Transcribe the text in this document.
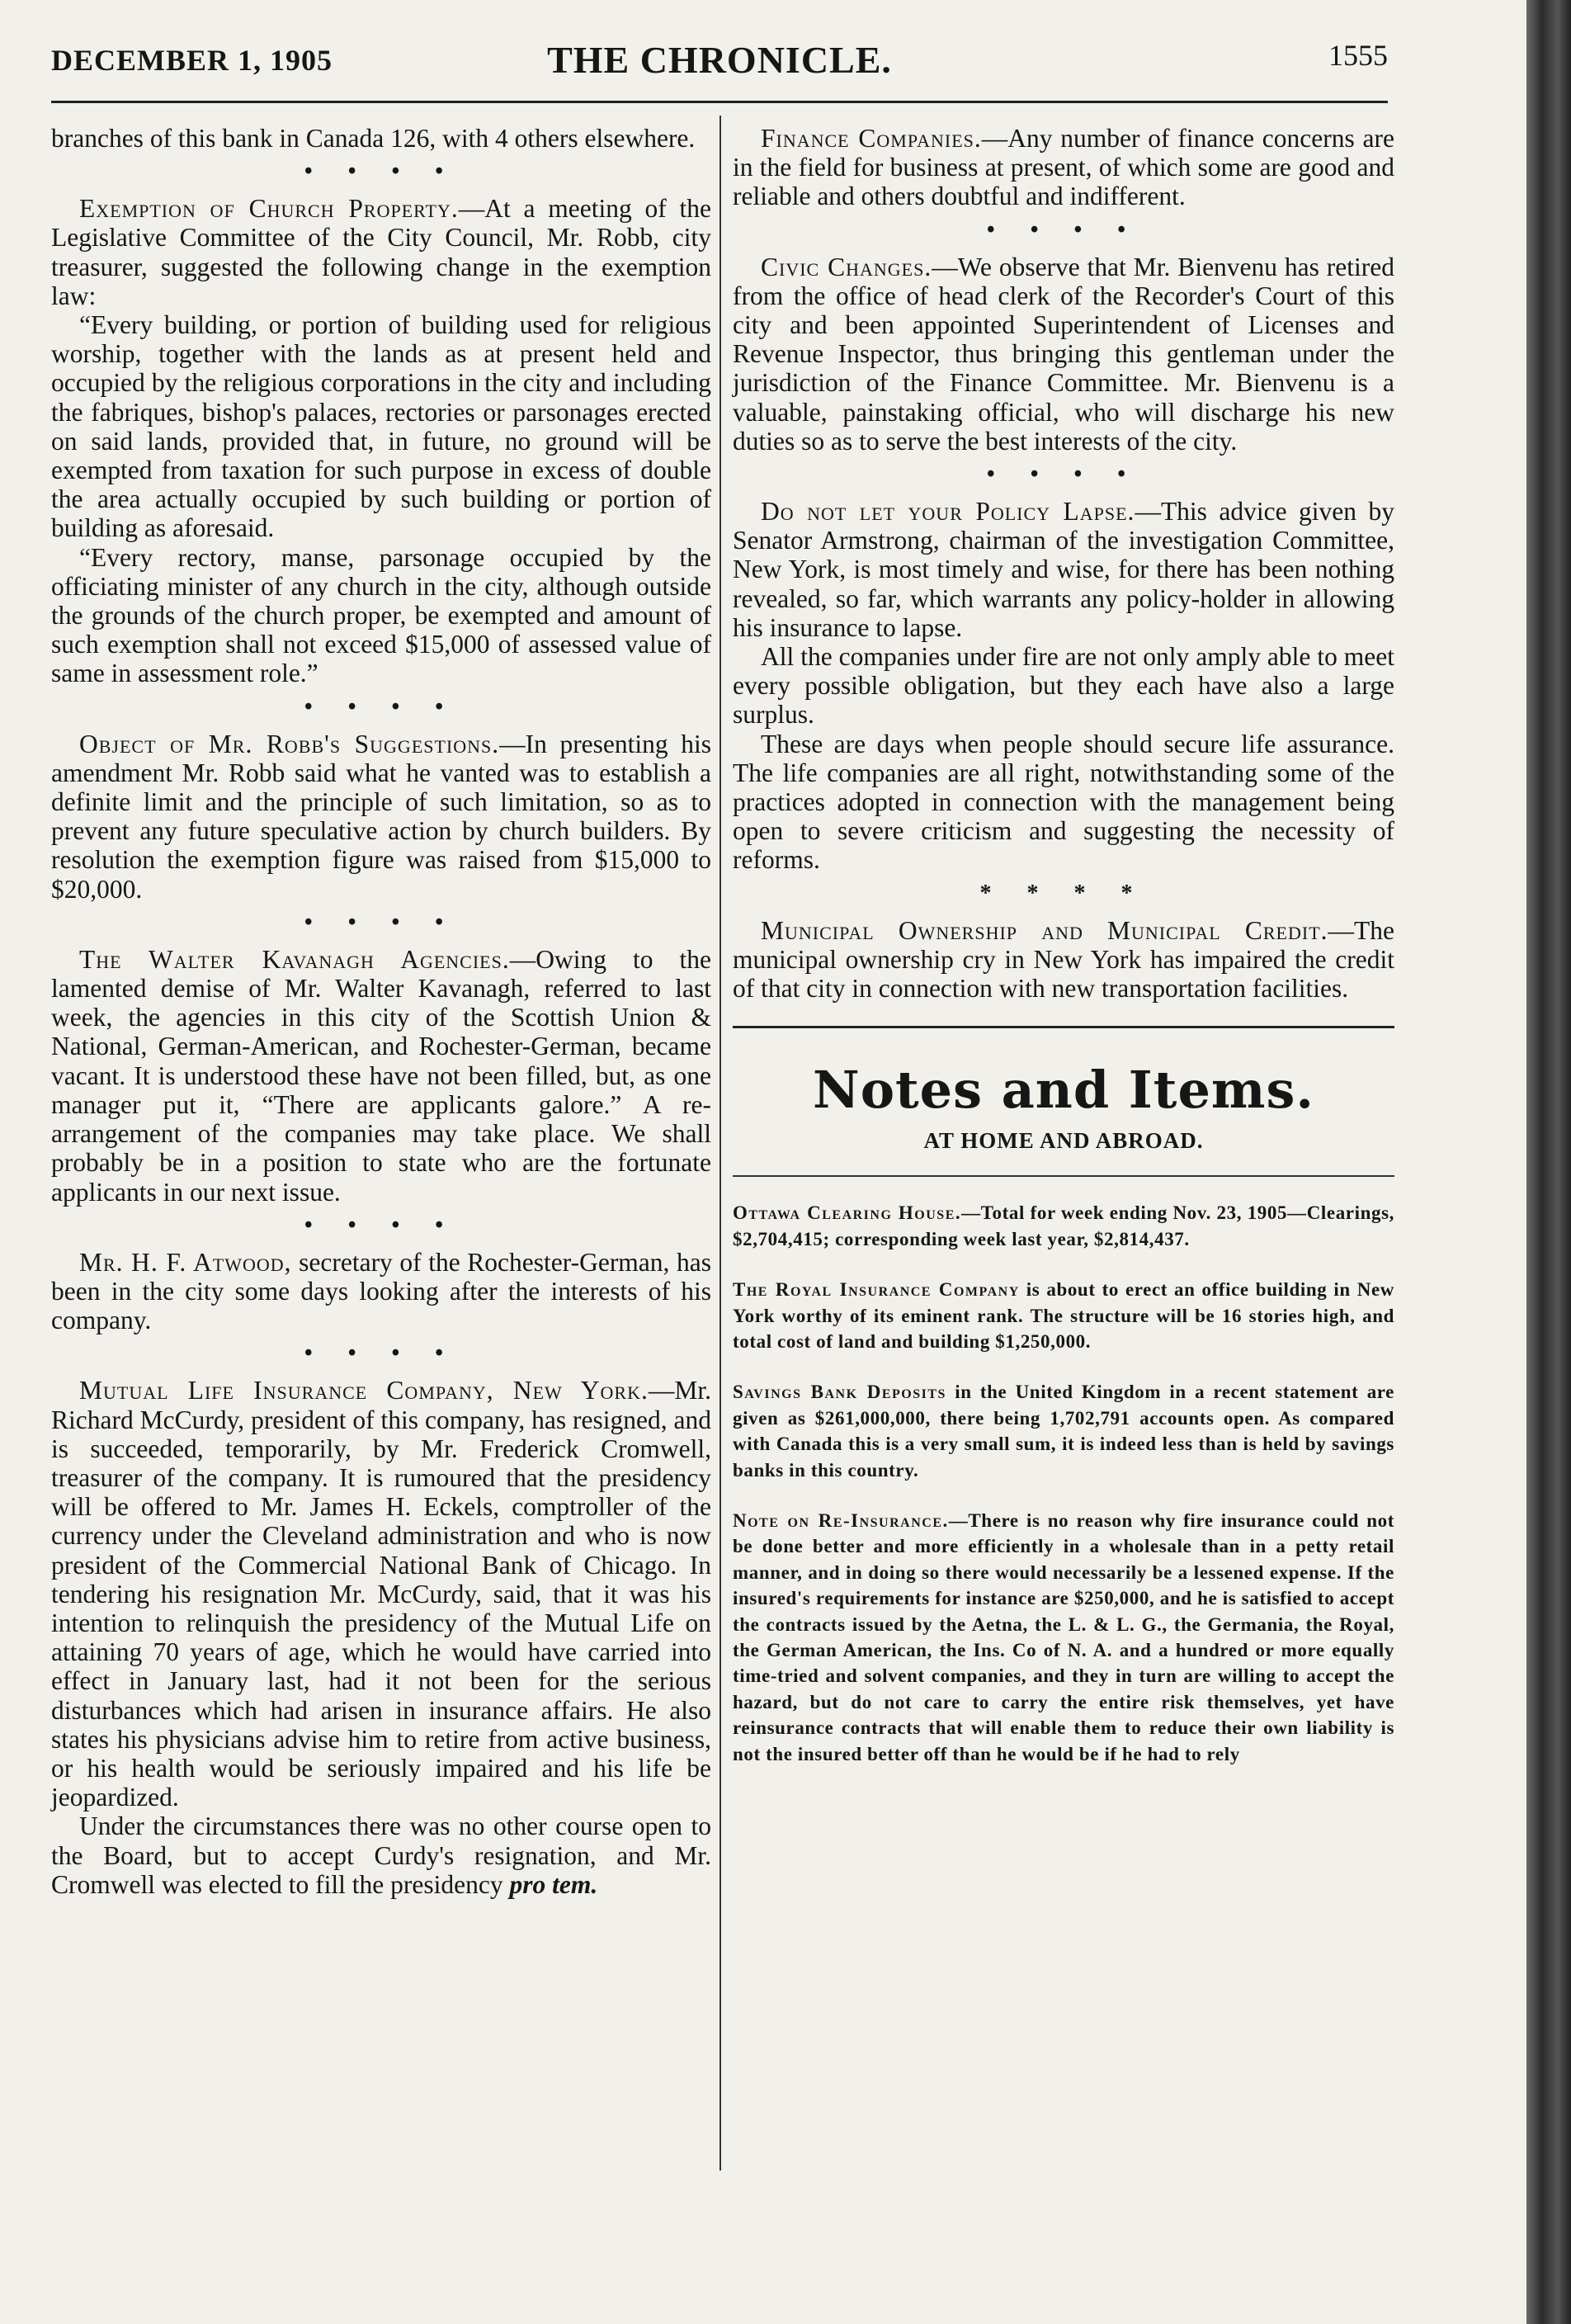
DECEMBER 1, 1905	THE CHRONICLE.	1555

branches of this bank in Canada 126, with 4 others elsewhere.

• • • •

Exemption of Church Property.—At a meeting of the Legislative Committee of the City Council, Mr. Robb, city treasurer, suggested the following change in the exemption law:

“Every building, or portion of building used for religious worship, together with the lands as at present held and occupied by the religious corporations in the city and including the fabriques, bishop's palaces, rectories or parsonages erected on said lands, provided that, in future, no ground will be exempted from taxation for such purpose in excess of double the area actually occupied by such building or portion of building as aforesaid.

“Every rectory, manse, parsonage occupied by the officiating minister of any church in the city, although outside the grounds of the church proper, be exempted and amount of such exemption shall not exceed $15,000 of assessed value of same in assessment role.”

• • • •

Object of Mr. Robb's Suggestions.—In presenting his amendment Mr. Robb said what he vanted was to establish a definite limit and the principle of such limitation, so as to prevent any future speculative action by church builders. By resolution the exemption figure was raised from $15,000 to $20,000.

• • • •

The Walter Kavanagh Agencies.—Owing to the lamented demise of Mr. Walter Kavanagh, referred to last week, the agencies in this city of the Scottish Union & National, German-American, and Rochester-German, became vacant. It is understood these have not been filled, but, as one manager put it, “There are applicants galore.” A re-arrangement of the companies may take place. We shall probably be in a position to state who are the fortunate applicants in our next issue.

• • • •

Mr. H. F. Atwood, secretary of the Rochester-German, has been in the city some days looking after the interests of his company.

• • • •

Mutual Life Insurance Company, New York.—Mr. Richard McCurdy, president of this company, has resigned, and is succeeded, temporarily, by Mr. Frederick Cromwell, treasurer of the company. It is rumoured that the presidency will be offered to Mr. James H. Eckels, comptroller of the currency under the Cleveland administration and who is now president of the Commercial National Bank of Chicago. In tendering his resignation Mr. McCurdy, said, that it was his intention to relinquish the presidency of the Mutual Life on attaining 70 years of age, which he would have carried into effect in January last, had it not been for the serious disturbances which had arisen in insurance affairs. He also states his physicians advise him to retire from active business, or his health would be seriously impaired and his life be jeopardized.

Under the circumstances there was no other course open to the Board, but to accept Curdy's resignation, and Mr. Cromwell was elected to fill the presidency pro tem.

Finance Companies.—Any number of finance concerns are in the field for business at present, of which some are good and reliable and others doubtful and indifferent.

• • • •

Civic Changes.—We observe that Mr. Bienvenu has retired from the office of head clerk of the Recorder's Court of this city and been appointed Superintendent of Licenses and Revenue Inspector, thus bringing this gentleman under the jurisdiction of the Finance Committee. Mr. Bienvenu is a valuable, painstaking official, who will discharge his new duties so as to serve the best interests of the city.

• • • •

Do not let your Policy Lapse.—This advice given by Senator Armstrong, chairman of the investigation Committee, New York, is most timely and wise, for there has been nothing revealed, so far, which warrants any policy-holder in allowing his insurance to lapse.

All the companies under fire are not only amply able to meet every possible obligation, but they each have also a large surplus.

These are days when people should secure life assurance. The life companies are all right, notwithstanding some of the practices adopted in connection with the management being open to severe criticism and suggesting the necessity of reforms.

* * * *

Municipal Ownership and Municipal Credit.—The municipal ownership cry in New York has impaired the credit of that city in connection with new transportation facilities.

Notes and Items.
AT HOME AND ABROAD.

Ottawa Clearing House.—Total for week ending Nov. 23, 1905—Clearings, $2,704,415; corresponding week last year, $2,814,437.

The Royal Insurance Company is about to erect an office building in New York worthy of its eminent rank. The structure will be 16 stories high, and total cost of land and building $1,250,000.

Savings Bank Deposits in the United Kingdom in a recent statement are given as $261,000,000, there being 1,702,791 accounts open. As compared with Canada this is a very small sum, it is indeed less than is held by savings banks in this country.

Note on Re-Insurance.—There is no reason why fire insurance could not be done better and more efficiently in a wholesale than in a petty retail manner, and in doing so there would necessarily be a lessened expense. If the insured's requirements for instance are $250,000, and he is satisfied to accept the contracts issued by the Aetna, the L. & L. G., the Germania, the Royal, the German American, the Ins. Co of N. A. and a hundred or more equally time-tried and solvent companies, and they in turn are willing to accept the hazard, but do not care to carry the entire risk themselves, yet have reinsurance contracts that will enable them to reduce their own liability is not the insured better off than he would be if he had to rely
